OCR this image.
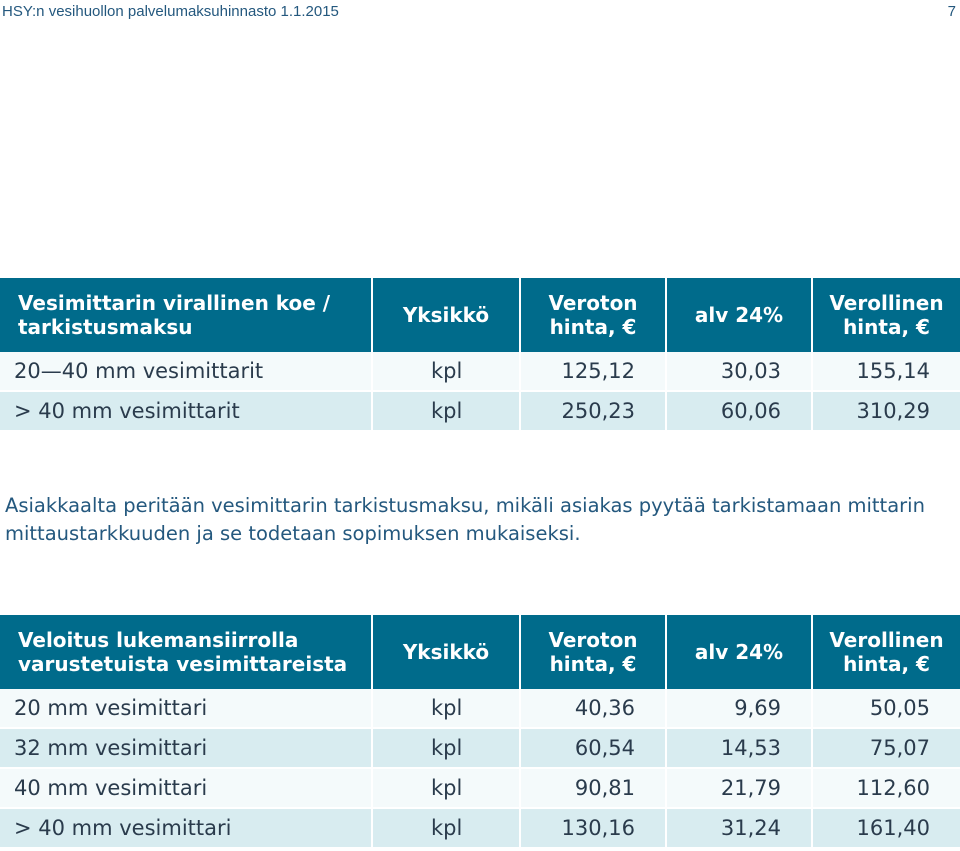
HSY:n vesihuollon palvelumaksuhinnasto 1.1.2015	7
Vesimittarin virallinen koe / tarkistusmaksu	Yksikkö	Veroton hinta, €	alv 24%	Verollinen hinta, €
20—40 mm vesimittarit	kpl	125,12	30,03	155,14
> 40 mm vesimittarit	kpl	250,23	60,06	310,29

Asiakkaalta peritään vesimittarin tarkistusmaksu, mikäli asiakas pyytää tarkistamaan mittarin mittaustarkkuuden ja se todetaan sopimuksen mukaiseksi.

Veloitus lukemansiirrolla varustetuista vesimittareista	Yksikkö	Veroton hinta, €	alv 24%	Verollinen hinta, €
20 mm vesimittari	kpl	40,36	9,69	50,05
32 mm vesimittari	kpl	60,54	14,53	75,07
40 mm vesimittari	kpl	90,81	21,79	112,60
> 40 mm vesimittari	kpl	130,16	31,24	161,40
